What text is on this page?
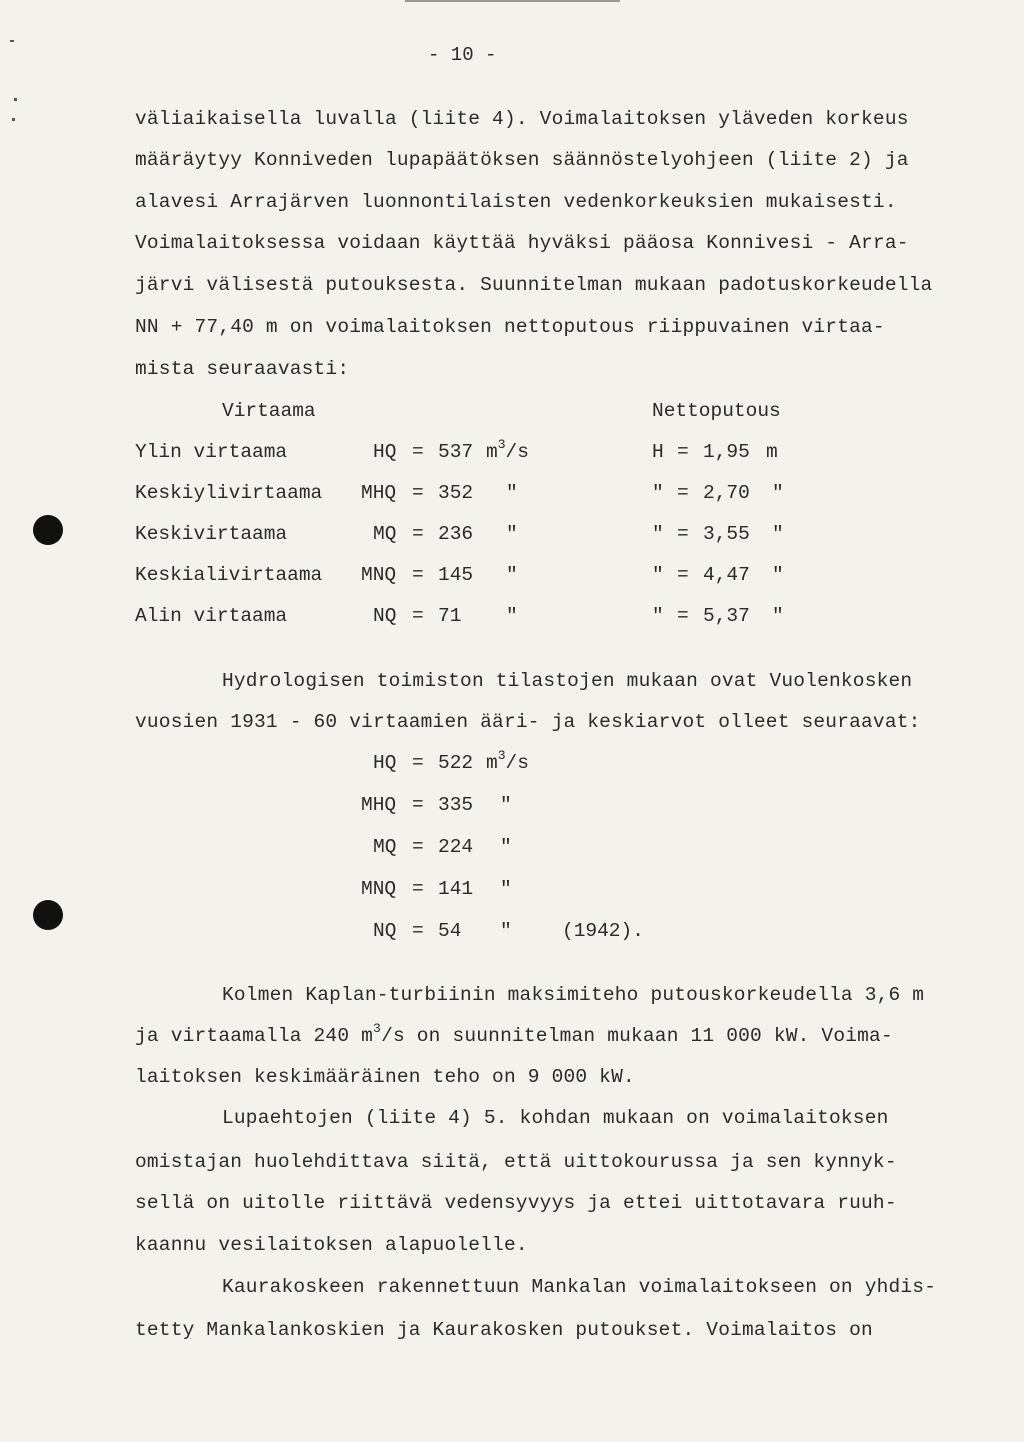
- 10 -
väliaikaisella luvalla (liite 4). Voimalaitoksen yläveden korkeus
määräytyy Konniveden lupapäätöksen säännöstelyohjeen (liite 2) ja
alavesi Arrajärven luonnontilaisten vedenkorkeuksien mukaisesti.
Voimalaitoksessa voidaan käyttää hyväksi pääosa Konnivesi - Arra-
järvi välisestä putouksesta. Suunnitelman mukaan padotuskorkeudella
NN + 77,40 m on voimalaitoksen nettoputous riippuvainen virtaa-
mista seuraavasti:
Virtaama	Nettoputous
Ylin virtaama	HQ = 537 $m^3/s$	H = 1,95 m
Keskiylivirtaama MHQ = 352 "	" = 2,70 "
Keskivirtaama	MQ = 236 "	" = 3,55 "
Keskialivirtaama MNQ = 145 "	" = 4,47 "
Alin virtaama	NQ = 71 "	" = 5,37 "
Hydrologisen toimiston tilastojen mukaan ovat Vuolenkosken
vuosien 1931 - 60 virtaamien ääri- ja keskiarvot olleet seuraavat:
HQ = 522 $m^3/s$
MHQ = 335 "
MQ = 224 "
MNQ = 141 "
NQ = 54 "	(1942).
Kolmen Kaplan-turbiinin maksimiteho putouskorkeudella 3,6 m
ja virtaamalla 240 $m^3/s$ on suunnitelman mukaan 11 000 kW. Voima-
laitoksen keskimääräinen teho on 9 000 kW.
Lupaehtojen (liite 4) 5. kohdan mukaan on voimalaitoksen
omistajan huolehdittava siitä, että uittokourussa ja sen kynnyk-
sellä on uitolle riittävä vedensyvyys ja ettei uittotavara ruuh-
kaannu vesilaitoksen alapuolelle.
Kaurakoskeen rakennettuun Mankalan voimalaitokseen on yhdis-
tetty Mankalankoskien ja Kaurakosken putoukset. Voimalaitos on
